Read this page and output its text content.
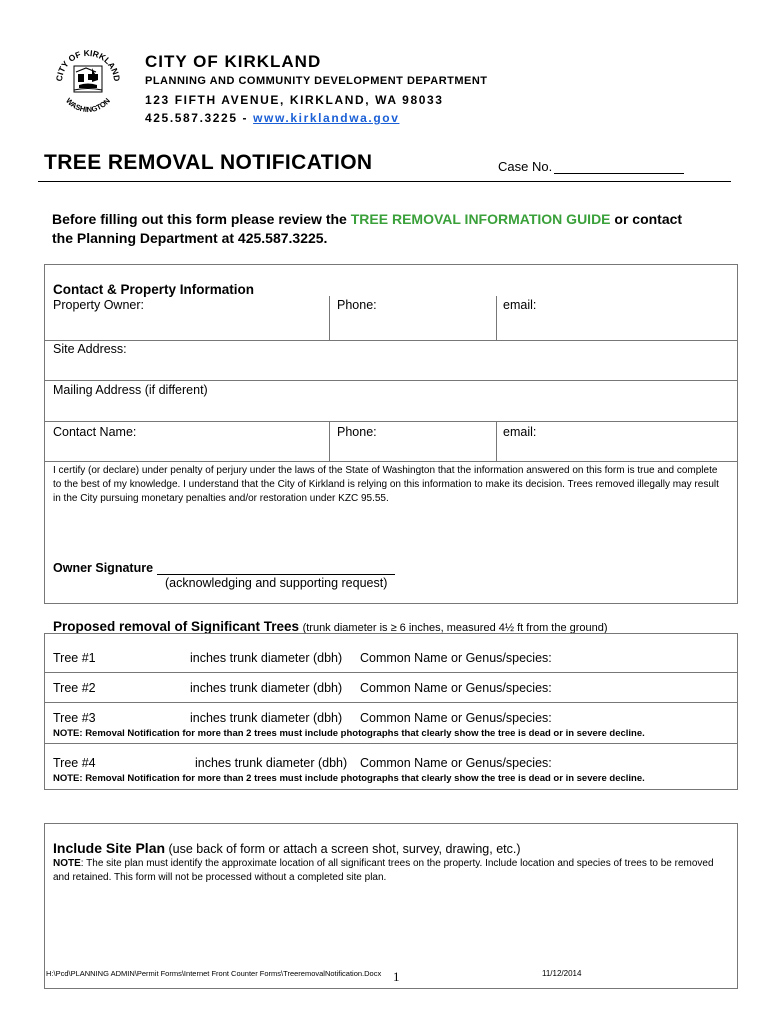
CITY OF KIRKLAND
WASHINGTON
CITY OF KIRKLAND
PLANNING AND COMMUNITY DEVELOPMENT DEPARTMENT
123 FIFTH AVENUE, KIRKLAND, WA 98033
425.587.3225 - www.kirklandwa.gov
TREE REMOVAL NOTIFICATION	Case No.
Before filling out this form please review the TREE REMOVAL INFORMATION GUIDE or contact the Planning Department at 425.587.3225.
Contact & Property Information
Property Owner:	Phone:	email:
Site Address:
Mailing Address (if different)
Contact Name:	Phone:	email:
I certify (or declare) under penalty of perjury under the laws of the State of Washington that the information answered on this form is true and complete to the best of my knowledge. I understand that the City of Kirkland is relying on this information to make its decision. Trees removed illegally may result in the City pursuing monetary penalties and/or restoration under KZC 95.55.
Owner Signature
(acknowledging and supporting request)
Proposed removal of Significant Trees (trunk diameter is ≥ 6 inches, measured 4½ ft from the ground)
Tree #1	inches trunk diameter (dbh) Common Name or Genus/species:
Tree #2	inches trunk diameter (dbh) Common Name or Genus/species:
Tree #3	inches trunk diameter (dbh) Common Name or Genus/species:
NOTE: Removal Notification for more than 2 trees must include photographs that clearly show the tree is dead or in severe decline.
Tree #4	inches trunk diameter (dbh) Common Name or Genus/species:
NOTE: Removal Notification for more than 2 trees must include photographs that clearly show the tree is dead or in severe decline.
Include Site Plan (use back of form or attach a screen shot, survey, drawing, etc.)
NOTE: The site plan must identify the approximate location of all significant trees on the property. Include location and species of trees to be removed and retained. This form will not be processed without a completed site plan.
H:\Pcd\PLANNING ADMIN\Permit Forms\Internet Front Counter Forms\TreeremovalNotification.Docx 1	11/12/2014
